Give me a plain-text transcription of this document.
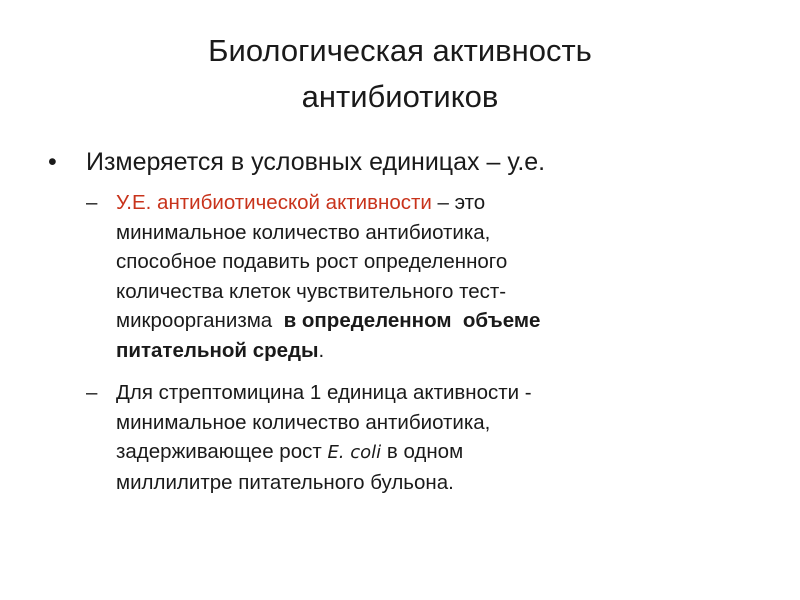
Биологическая активность
антибиотиков
• Измеряется в условных единицах – у.е.
– У.Е. антибиотической активности – это
минимальное количество антибиотика,
способное подавить рост определенного
количества клеток чувствительного тест-
микроорганизма  в определенном  объеме
питательной среды.
– Для стрептомицина 1 единица активности -
минимальное количество антибиотика,
задерживающее рост E. coli в одном
миллилитре питательного бульона.
